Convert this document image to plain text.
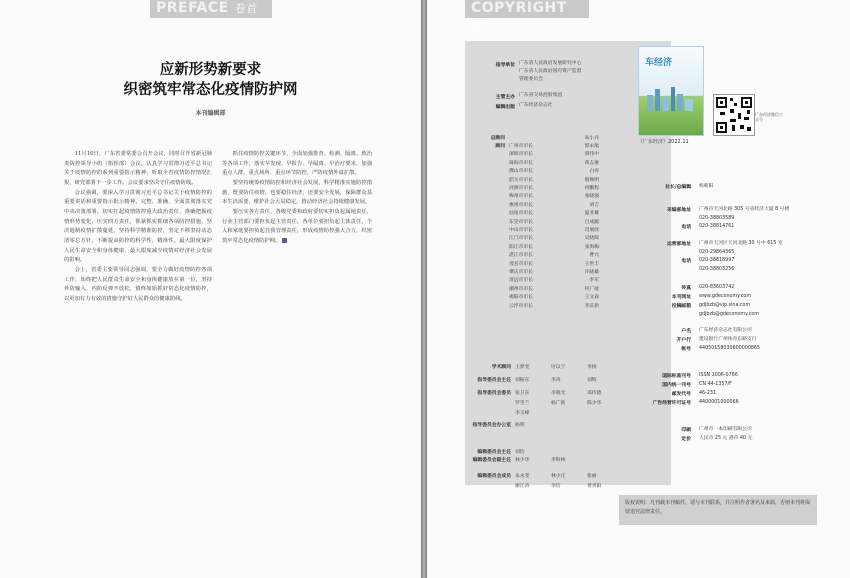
PREFACE 卷首
应新形势新要求
织密筑牢常态化疫情防护网
本刊编辑部

11月10日，广东省委常委会召开会议，同时召开省新冠肺炎防控领导小组（指挥部）会议，认真学习贯彻习近平总书记关于疫情防控的系列重要指示精神，听取全省疫情防控情况汇报，研究部署下一步工作。会议要求坚决守住疫情防线。

会议强调，要深入学习贯彻习近平总书记关于疫情防控的重要讲话和重要指示批示精神，完整、准确、全面贯彻落实党中央决策部署，切实扛起疫情防控重大政治责任，准确把握疫情形势变化，压实四方责任，抓紧抓实抓细各项防控措施，坚决遏制疫情扩散蔓延，坚持科学精准防控，坚定不移坚持动态清零总方针，不断提高防控的科学性、精准性，最大限度保护人民生命安全和身体健康，最大限度减少疫情对经济社会发展的影响。

会上，省委主要领导同志强调，要全力做好疫情防控各项工作，始终把人民群众生命安全和身体健康放在第一位，坚持外防输入、内防反弹不放松，慎终如始抓好常态化疫情防控，以更加有力有效的措施守护好人民群众的健康防线。

抓住疫情防控关键环节，全面加强排查、检测、隔离、救治等各项工作，落实早发现、早报告、早隔离、早治疗要求，加强重点人群、重点场所、重点环节防控，严防疫情外溢扩散。

要坚持统筹疫情防控和经济社会发展，科学精准实施防控措施，既要防住疫情，也要稳住经济，还要安全发展，保障群众基本生活需要，维护社会大局稳定，推动经济社会持续健康发展。

要压实各方责任，各级党委和政府要切实担负起属地责任，行业主管部门要担负起主管责任，各单位要担负起主体责任，个人和家庭要担负起自我管理责任，形成疫情防控强大合力，织密筑牢常态化疫情防护网。

COPYRIGHT版权
指导单位 广东省人民政府发展研究中心
广东省人民政府国有资产监督
管理委员会
主管主办 广东省交易控股集团
编辑出版 广东经济杂志社
总顾问	朱小丹
顾问 广州市市长	郭永航
深圳市市长	覃伟中
珠海市市长	黄志豪
佛山市市长	白涛
韶关市市长	殷焕明
河源市市长	何鹏程
梅州市市长	张晓强
惠州市市长	刘吉
汕尾市市长	温亚雄
东莞市市长	吕成蹊
中山市市长	肖展欣
江门市市长	吴晓晖
阳江市市长	张海梅
湛江市市长	曹兴
茂名市市长	王世丰
肇庆市市长	许晓雄
清远市市长	李军
潮州市市长	何广庭
揭阳市市长	王文森
云浮市市长	李庆新
学术顾问 王梦奎	厉以宁	李扬
指导委员会主任 刘振东	李涛	刘辉
指导委员会委员 张卫东	李晓光	邓传德
罗雪兰	杨广新	陈少华
李玉峰
指导委员会办公室 杨明
编辑委员会主任 刘钧
编辑委员会副主任 林少华	李科林
编辑委员会成员 朱永奎	林少庄	张丽
谢江涛	李信	黄青阳
车经济
《广东经济》2022.11
广东经济微信公众号
社长/总编辑 杨朝阳
采编部地址 广州市天河北路 305 号省经济大厦 8 号楼
020-38803589
020-38814761
电话
运营部地址 广州市天河区天河北路 30 号中 615 室
020-29864365
020-38818997
020-38803256
电话
传真 020-83603742
本刊网址 www.gdeconomy.com
投稿邮箱 gdjbzb@vip.sina.com
gdjbzb@gdeconomy.com
户名 广东经济杂志社有限公司
开户行 建设银行广州体育东路支行
帐号 44050158030600000865
国际标准刊号 ISSN 1006-0766
国内统一刊号 CN 44-1357/F
邮发代号 46-231
广告经营许可证号 4400001000066
印刷 广州市一本印刷有限公司
定价 人民币 25 元 港币 40 元
版权说明：凡刊载本刊稿件，请与本刊联系，并注明作者署名及来源，否则本刊将保留追究法律责任。
